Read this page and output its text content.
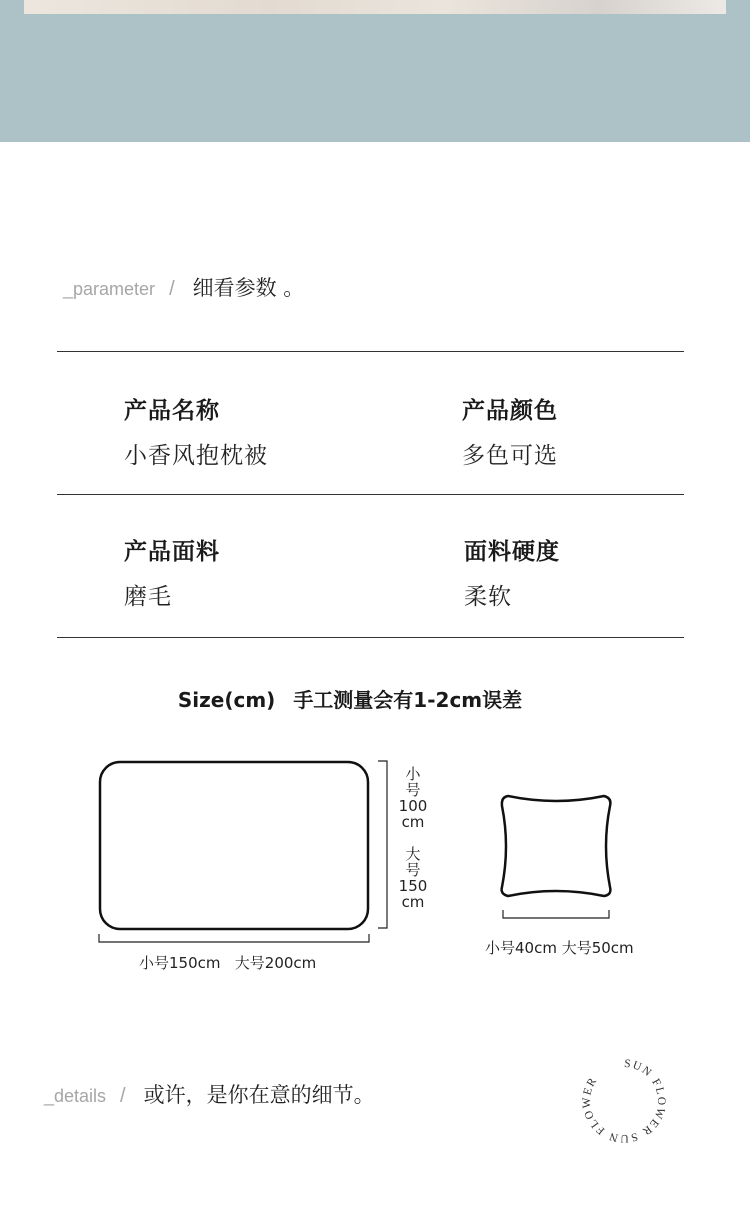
_parameter / 细看参数 。
产品名称
小香风抱枕被
产品颜色
多色可选
产品面料
磨毛
面料硬度
柔软
Size(cm) 手工测量会有1-2cm误差
SUN FLOWER SUN FLOWER
小号150cm   大号200cm
小
号
100
cm
大
号
150
cm
小号40cm 大号50cm
_details / 或许，是你在意的细节。
